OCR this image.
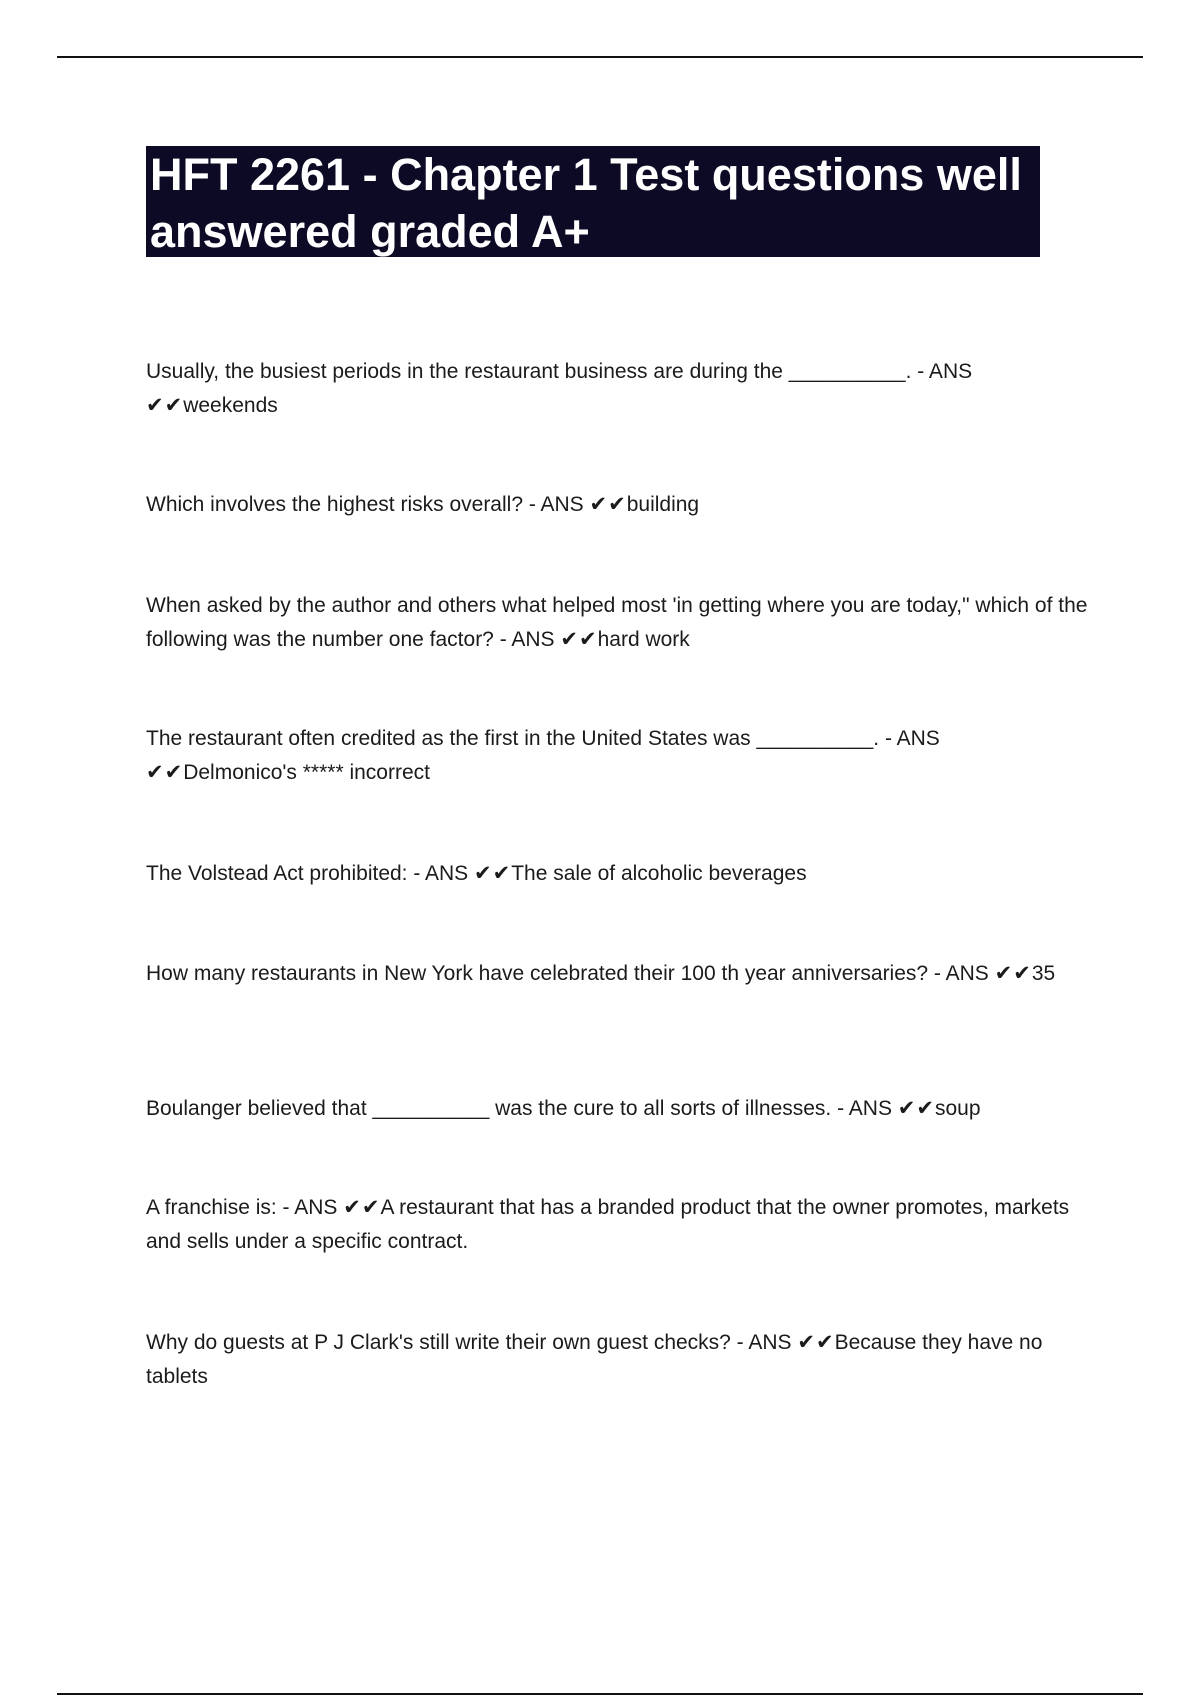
HFT 2261 - Chapter 1 Test questions well answered graded A+

Usually, the busiest periods in the restaurant business are during the __________. - ANS ✔✔weekends

Which involves the highest risks overall? - ANS ✔✔building

When asked by the author and others what helped most 'in getting where you are today," which of the following was the number one factor? - ANS ✔✔hard work

The restaurant often credited as the first in the United States was __________. - ANS ✔✔Delmonico's ***** incorrect

The Volstead Act prohibited: - ANS ✔✔The sale of alcoholic beverages

How many restaurants in New York have celebrated their 100 th year anniversaries? - ANS ✔✔35

Boulanger believed that __________ was the cure to all sorts of illnesses. - ANS ✔✔soup

A franchise is: - ANS ✔✔A restaurant that has a branded product that the owner promotes, markets and sells under a specific contract.

Why do guests at P J Clark's still write their own guest checks? - ANS ✔✔Because they have no tablets
